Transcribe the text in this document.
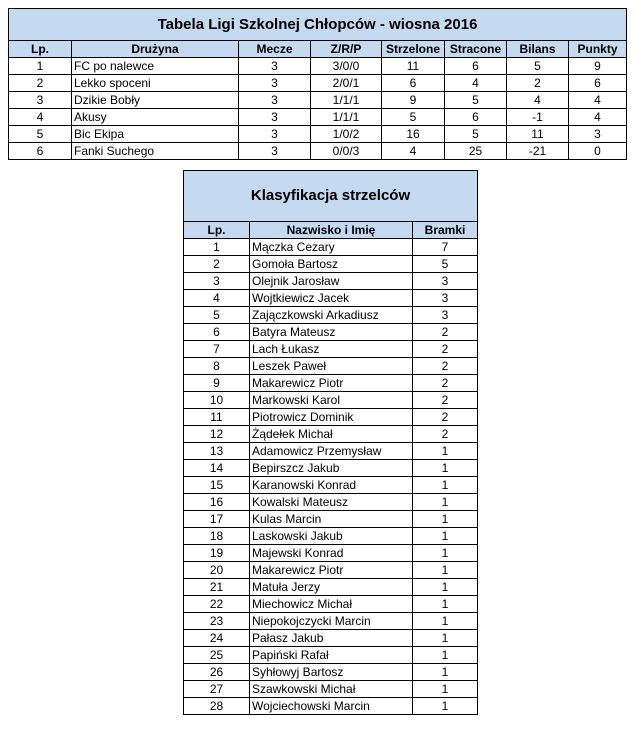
Tabela Ligi Szkolnej Chłopców - wiosna 2016							
Lp.	Drużyna	Mecze	Z/R/P	Strzelone	Stracone	Bilans	Punkty
1	FC po nalewce	3	3/0/0	11	6	5	9
2	Lekko spoceni	3	2/0/1	6	4	2	6
3	Dzikie Bobły	3	1/1/1	9	5	4	4
4	Akusy	3	1/1/1	5	6	-1	4
5	Bic Ekipa	3	1/0/2	16	5	11	3
6	Fanki Suchego	3	0/0/3	4	25	-21	0
Klasyfikacja strzelców		
Lp.	Nazwisko i Imię	Bramki
1	Mączka Cezary	7
2	Gomoła Bartosz	5
3	Olejnik Jarosław	3
4	Wojtkiewicz Jacek	3
5	Zajączkowski Arkadiusz	3
6	Batyra Mateusz	2
7	Lach Łukasz	2
8	Leszek Paweł	2
9	Makarewicz Piotr	2
10	Markowski Karol	2
11	Piotrowicz Dominik	2
12	Żądełek Michał	2
13	Adamowicz Przemysław	1
14	Bepirszcz Jakub	1
15	Karanowski Konrad	1
16	Kowalski Mateusz	1
17	Kulas Marcin	1
18	Laskowski Jakub	1
19	Majewski Konrad	1
20	Makarewicz Piotr	1
21	Matuła Jerzy	1
22	Miechowicz Michał	1
23	Niepokojczycki Marcin	1
24	Pałasz Jakub	1
25	Papiński Rafał	1
26	Syhłowyj Bartosz	1
27	Szawkowski Michał	1
28	Wojciechowski Marcin	1
